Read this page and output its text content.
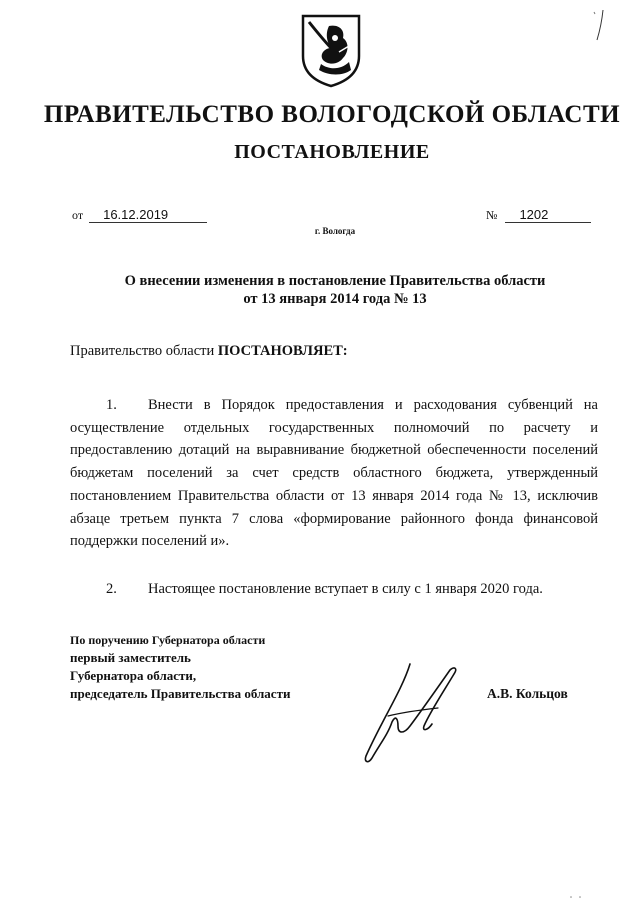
ПРАВИТЕЛЬСТВО ВОЛОГОДСКОЙ ОБЛАСТИ
ПОСТАНОВЛЕНИЕ
от 16.12.2019	№ 1202
г. Вологда
О внесении изменения в постановление Правительства области
от 13 января 2014 года № 13
Правительство области ПОСТАНОВЛЯЕТ:
1. Внести в Порядок предоставления и расходования субвенций на осуществление отдельных государственных полномочий по расчету и предоставлению дотаций на выравнивание бюджетной обеспеченности поселений бюджетам поселений за счет средств областного бюджета, утвержденный постановлением Правительства области от 13 января 2014 года № 13, исключив абзаце третьем пункта 7 слова «формирование районного фонда финансовой поддержки поселений и».
2. Настоящее постановление вступает в силу с 1 января 2020 года.
По поручению Губернатора области
первый заместитель
Губернатора области,
председатель Правительства области	А.В. Кольцов
